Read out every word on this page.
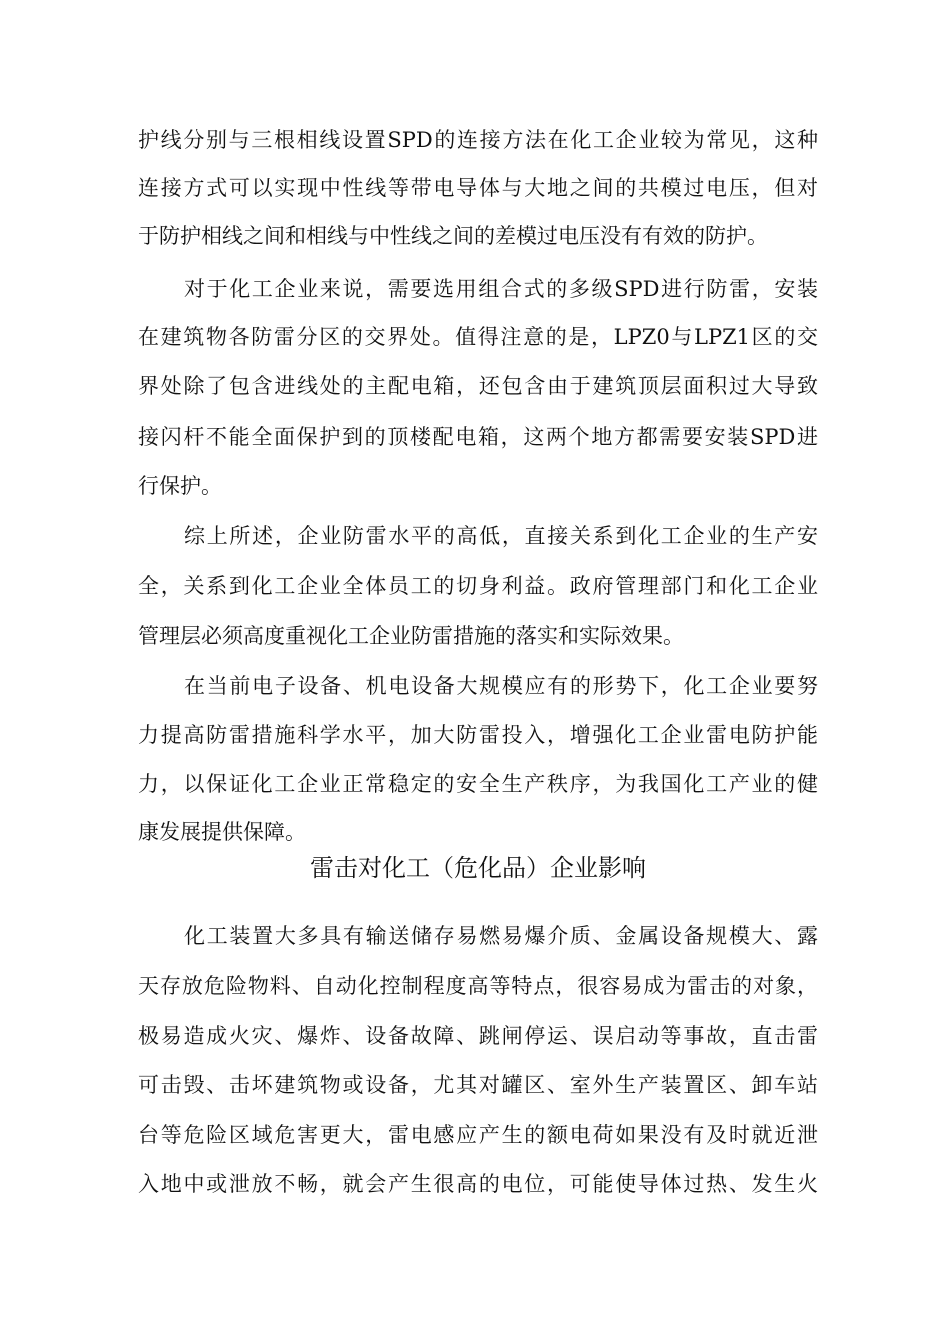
护线分别与三根相线设置SPD的连接方法在化工企业较为常见，这种
连接方式可以实现中性线等带电导体与大地之间的共模过电压，但对
于防护相线之间和相线与中性线之间的差模过电压没有有效的防护。
对于化工企业来说，需要选用组合式的多级SPD进行防雷，安装
在建筑物各防雷分区的交界处。值得注意的是，LPZ0与LPZ1区的交
界处除了包含进线处的主配电箱，还包含由于建筑顶层面积过大导致
接闪杆不能全面保护到的顶楼配电箱，这两个地方都需要安装SPD进
行保护。
综上所述，企业防雷水平的高低，直接关系到化工企业的生产安
全，关系到化工企业全体员工的切身利益。政府管理部门和化工企业
管理层必须高度重视化工企业防雷措施的落实和实际效果。
在当前电子设备、机电设备大规模应有的形势下，化工企业要努
力提高防雷措施科学水平，加大防雷投入，增强化工企业雷电防护能
力，以保证化工企业正常稳定的安全生产秩序，为我国化工产业的健
康发展提供保障。
雷击对化工（危化品）企业影响
化工装置大多具有输送储存易燃易爆介质、金属设备规模大、露
天存放危险物料、自动化控制程度高等特点，很容易成为雷击的对象，
极易造成火灾、爆炸、设备故障、跳闸停运、误启动等事故，直击雷
可击毁、击坏建筑物或设备，尤其对罐区、室外生产装置区、卸车站
台等危险区域危害更大，雷电感应产生的额电荷如果没有及时就近泄
入地中或泄放不畅，就会产生很高的电位，可能使导体过热、发生火
